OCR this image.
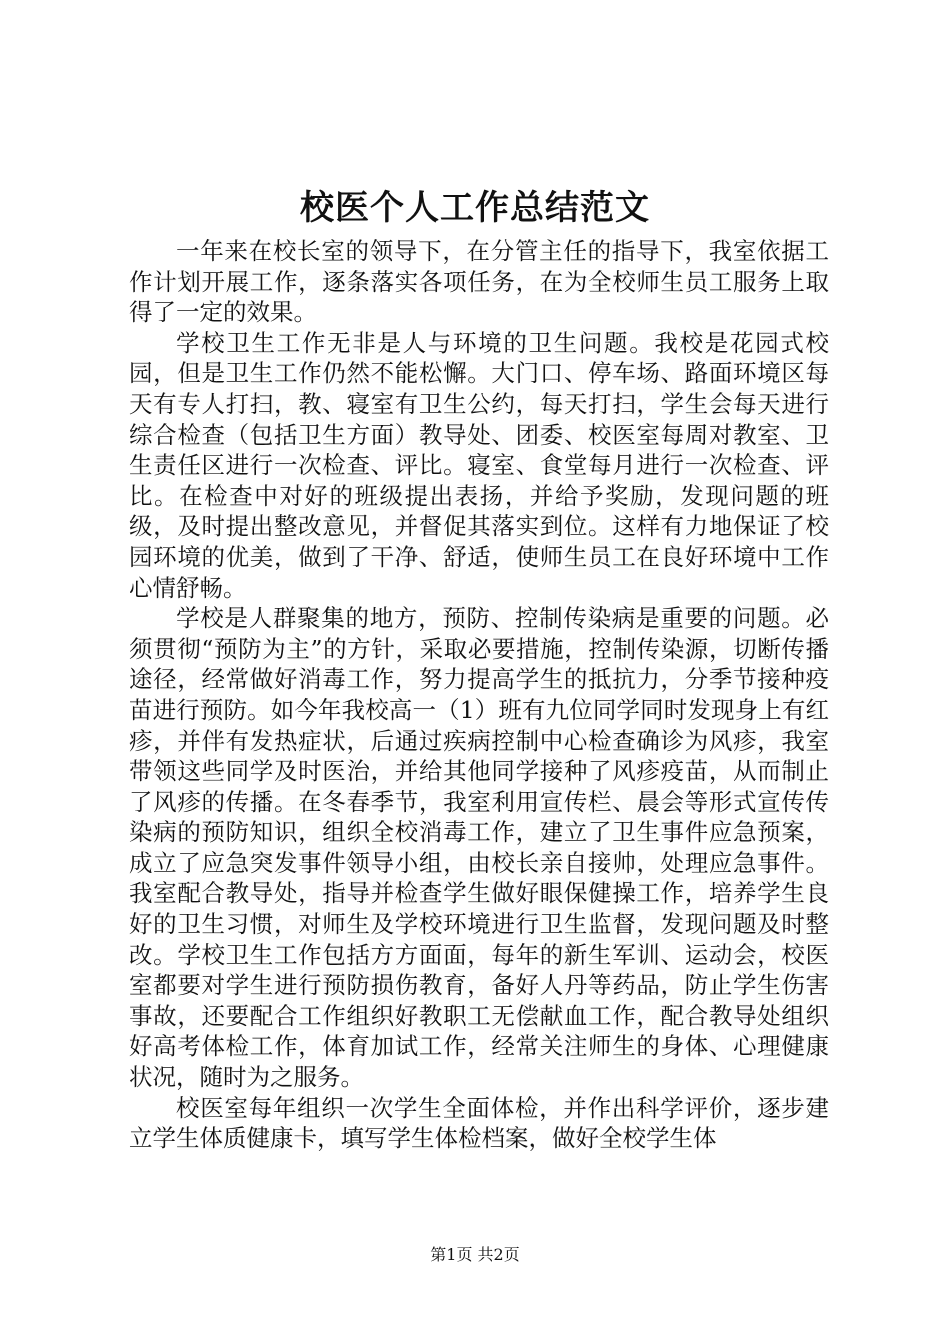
校医个人工作总结范文

一年来在校长室的领导下，在分管主任的指导下，我室依据工作计划开展工作，逐条落实各项任务，在为全校师生员工服务上取得了一定的效果。

学校卫生工作无非是人与环境的卫生问题。我校是花园式校园，但是卫生工作仍然不能松懈。大门口、停车场、路面环境区每天有专人打扫，教、寝室有卫生公约，每天打扫，学生会每天进行综合检查（包括卫生方面）教导处、团委、校医室每周对教室、卫生责任区进行一次检查、评比。寝室、食堂每月进行一次检查、评比。在检查中对好的班级提出表扬，并给予奖励，发现问题的班级，及时提出整改意见，并督促其落实到位。这样有力地保证了校园环境的优美，做到了干净、舒适，使师生员工在良好环境中工作心情舒畅。

学校是人群聚集的地方，预防、控制传染病是重要的问题。必须贯彻“预防为主”的方针，采取必要措施，控制传染源，切断传播途径，经常做好消毒工作，努力提高学生的抵抗力，分季节接种疫苗进行预防。如今年我校高一（1）班有九位同学同时发现身上有红疹，并伴有发热症状，后通过疾病控制中心检查确诊为风疹，我室带领这些同学及时医治，并给其他同学接种了风疹疫苗，从而制止了风疹的传播。在冬春季节，我室利用宣传栏、晨会等形式宣传传染病的预防知识，组织全校消毒工作，建立了卫生事件应急预案，成立了应急突发事件领导小组，由校长亲自接帅，处理应急事件。我室配合教导处，指导并检查学生做好眼保健操工作，培养学生良好的卫生习惯，对师生及学校环境进行卫生监督，发现问题及时整改。学校卫生工作包括方方面面，每年的新生军训、运动会，校医室都要对学生进行预防损伤教育，备好人丹等药品，防止学生伤害事故，还要配合工作组织好教职工无偿献血工作，配合教导处组织好高考体检工作，体育加试工作，经常关注师生的身体、心理健康状况，随时为之服务。

校医室每年组织一次学生全面体检，并作出科学评价，逐步建立学生体质健康卡，填写学生体检档案，做好全校学生体

第1页 共2页
